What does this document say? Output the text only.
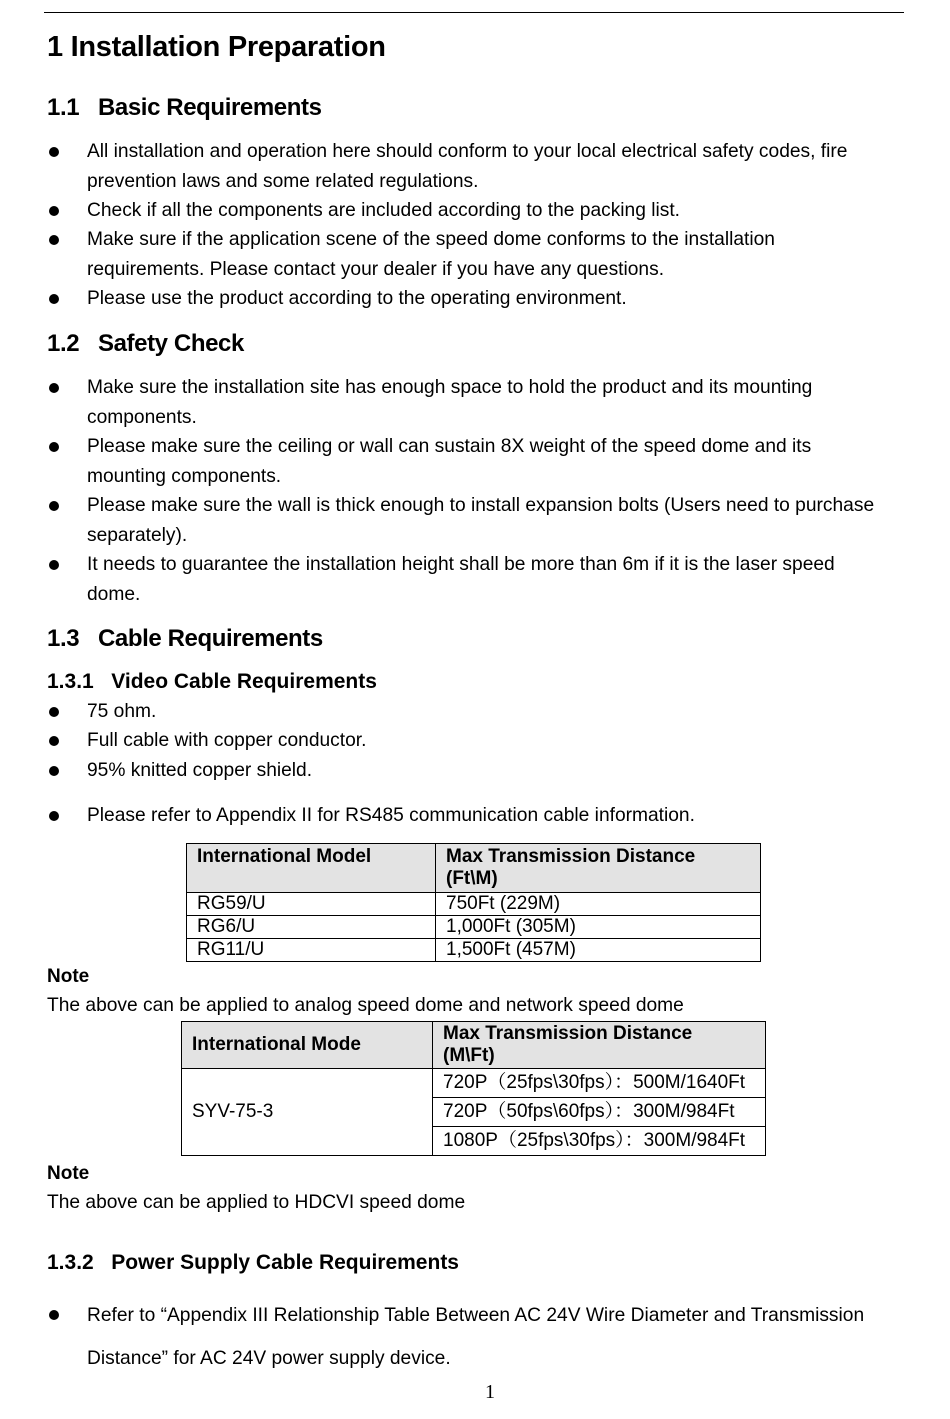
1 Installation Preparation
1.1 Basic Requirements

All installation and operation here should conform to your local electrical safety codes, fire
prevention laws and some related regulations.

Check if all the components are included according to the packing list.

Make sure if the application scene of the speed dome conforms to the installation
requirements. Please contact your dealer if you have any questions.

Please use the product according to the operating environment.

1.2 Safety Check

Make sure the installation site has enough space to hold the product and its mounting
components.

Please make sure the ceiling or wall can sustain 8X weight of the speed dome and its
mounting components.

Please make sure the wall is thick enough to install expansion bolts (Users need to purchase
separately).

It needs to guarantee the installation height shall be more than 6m if it is the laser speed
dome.

1.3 Cable Requirements
1.3.1 Video Cable Requirements

75 ohm.

Full cable with copper conductor.

95% knitted copper shield.

Please refer to Appendix II for RS485 communication cable information.

International Model	Max Transmission Distance
(Ft\M)
RG59/U	750Ft (229M)
RG6/U	1,000Ft (305M)
RG11/U	1,500Ft (457M)

Note

The above can be applied to analog speed dome and network speed dome

International Mode	Max Transmission Distance
(M\Ft)
SYV-75-3	720P（25fps\30fps）：500M/1640Ft
	720P（50fps\60fps）：300M/984Ft
	1080P（25fps\30fps）：300M/984Ft

Note

The above can be applied to HDCVI speed dome

1.3.2 Power Supply Cable Requirements

Refer to “Appendix III Relationship Table Between AC 24V Wire Diameter and Transmission
Distance” for AC 24V power supply device.

1
